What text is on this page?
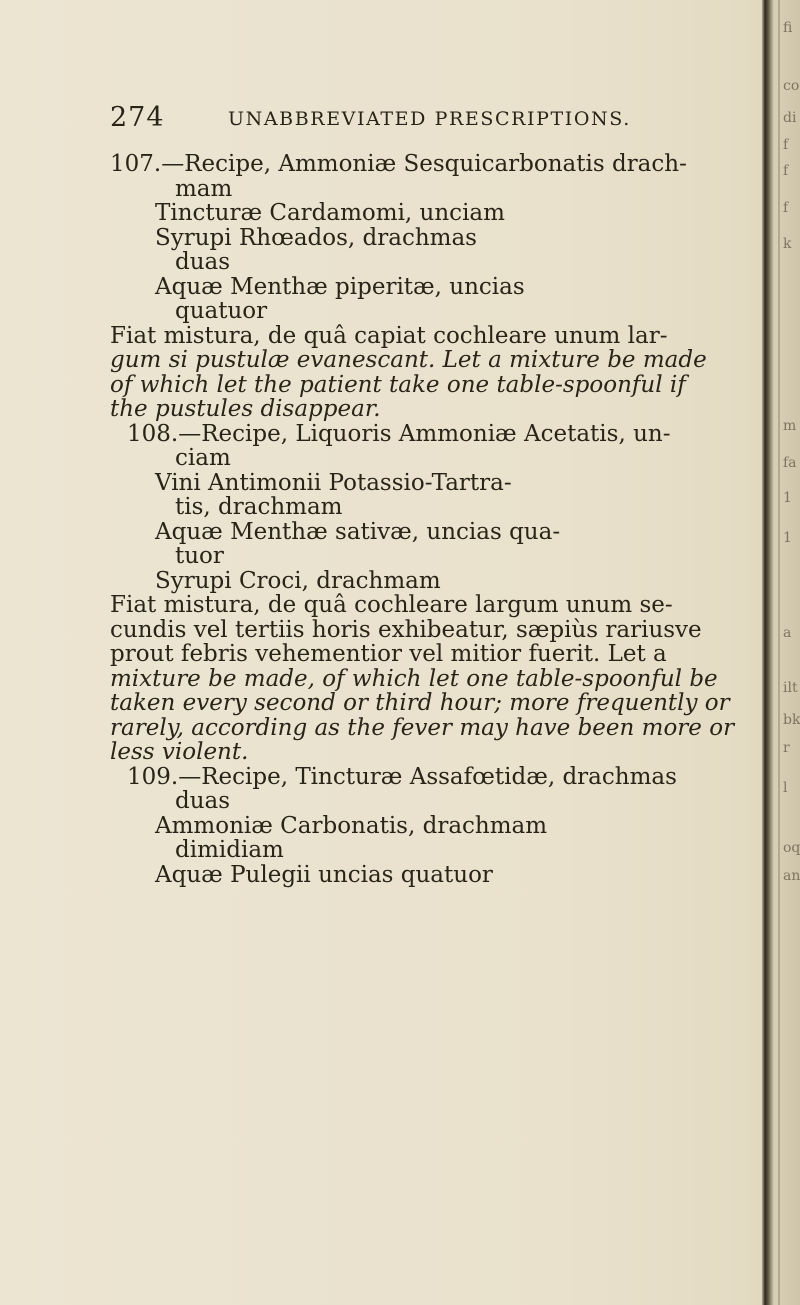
274	UNABBREVIATED PRESCRIPTIONS.
107.—Recipe, Ammoniæ Sesquicarbonatis drach-
mam
Tincturæ Cardamomi, unciam
Syrupi Rhœados, drachmas
duas
Aquæ Menthæ piperitæ, uncias
quatuor
Fiat mistura, de quâ capiat cochleare unum lar-
gum si pustulæ evanescant. Let a mixture be made
of which let the patient take one table-spoonful if
the pustules disappear.
108.—Recipe, Liquoris Ammoniæ Acetatis, un-
ciam
Vini Antimonii Potassio-Tartra-
tis, drachmam
Aquæ Menthæ sativæ, uncias qua-
tuor
Syrupi Croci, drachmam
Fiat mistura, de quâ cochleare largum unum se-
cundis vel tertiis horis exhibeatur, sæpiùs rariusve
prout febris vehementior vel mitior fuerit. Let a
mixture be made, of which let one table-spoonful be
taken every second or third hour; more frequently or
rarely, according as the fever may have been more or
less violent.
109.—Recipe, Tincturæ Assafœtidæ, drachmas
duas
Ammoniæ Carbonatis, drachmam
dimidiam
Aquæ Pulegii uncias quatuor
fi
co
di
f
f
f
k
m
fa
1
1
a
ilt
bk
r
l
oq
an
